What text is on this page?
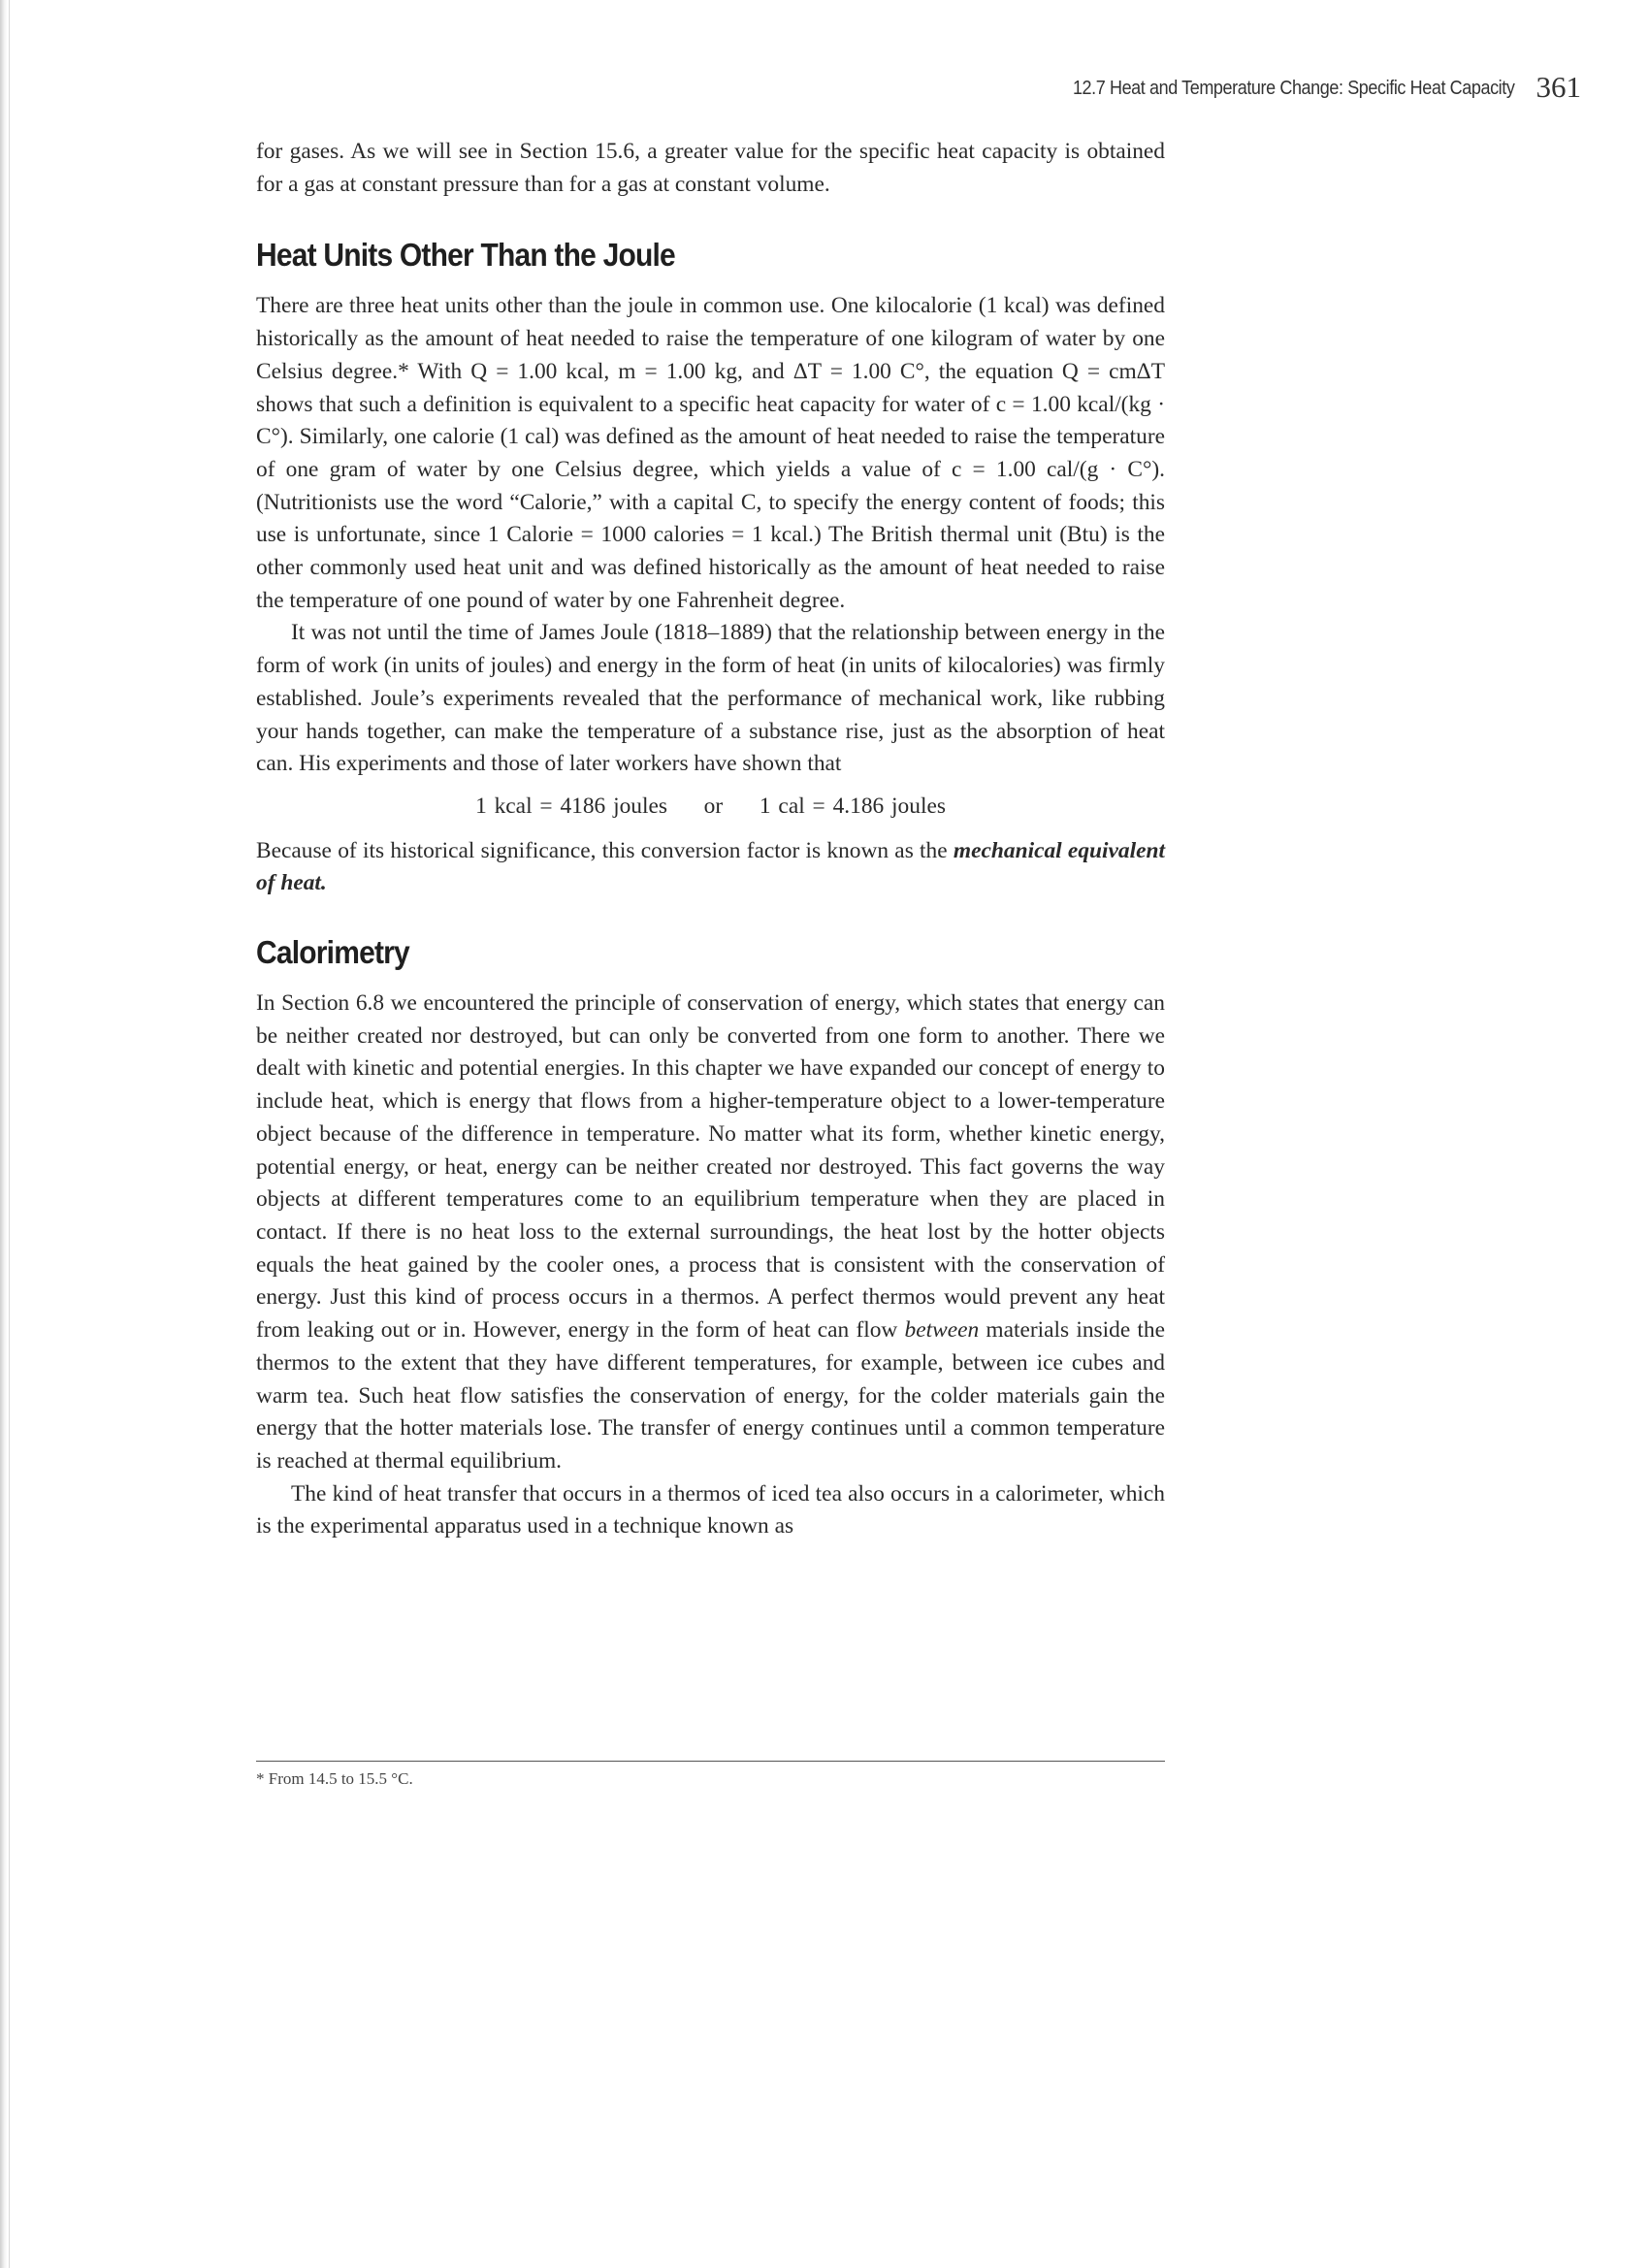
12.7 Heat and Temperature Change: Specific Heat Capacity 361

for gases. As we will see in Section 15.6, a greater value for the specific heat capacity is obtained for a gas at constant pressure than for a gas at constant volume.

Heat Units Other Than the Joule

There are three heat units other than the joule in common use. One kilocalorie (1 kcal) was defined historically as the amount of heat needed to raise the temperature of one kilogram of water by one Celsius degree.* With Q = 1.00 kcal, m = 1.00 kg, and ΔT = 1.00 C°, the equation Q = cmΔT shows that such a definition is equivalent to a specific heat capacity for water of c = 1.00 kcal/(kg · C°). Similarly, one calorie (1 cal) was defined as the amount of heat needed to raise the temperature of one gram of water by one Celsius degree, which yields a value of c = 1.00 cal/(g · C°). (Nutritionists use the word “Calorie,” with a capital C, to specify the energy content of foods; this use is unfortunate, since 1 Calorie = 1000 calories = 1 kcal.) The British thermal unit (Btu) is the other commonly used heat unit and was defined historically as the amount of heat needed to raise the temperature of one pound of water by one Fahrenheit degree.

It was not until the time of James Joule (1818–1889) that the relationship between energy in the form of work (in units of joules) and energy in the form of heat (in units of kilocalories) was firmly established. Joule’s experiments revealed that the performance of mechanical work, like rubbing your hands together, can make the temperature of a substance rise, just as the absorption of heat can. His experiments and those of later workers have shown that

1 kcal = 4186 joules or 1 cal = 4.186 joules

Because of its historical significance, this conversion factor is known as the mechanical equivalent of heat.

Calorimetry

In Section 6.8 we encountered the principle of conservation of energy, which states that energy can be neither created nor destroyed, but can only be converted from one form to another. There we dealt with kinetic and potential energies. In this chapter we have expanded our concept of energy to include heat, which is energy that flows from a higher-temperature object to a lower-temperature object because of the difference in temperature. No matter what its form, whether kinetic energy, potential energy, or heat, energy can be neither created nor destroyed. This fact governs the way objects at different temperatures come to an equilibrium temperature when they are placed in contact. If there is no heat loss to the external surroundings, the heat lost by the hotter objects equals the heat gained by the cooler ones, a process that is consistent with the conservation of energy. Just this kind of process occurs in a thermos. A perfect thermos would prevent any heat from leaking out or in. However, energy in the form of heat can flow between materials inside the thermos to the extent that they have different temperatures, for example, between ice cubes and warm tea. Such heat flow satisfies the conservation of energy, for the colder materials gain the energy that the hotter materials lose. The transfer of energy continues until a common temperature is reached at thermal equilibrium.

The kind of heat transfer that occurs in a thermos of iced tea also occurs in a calorimeter, which is the experimental apparatus used in a technique known as

* From 14.5 to 15.5 °C.
